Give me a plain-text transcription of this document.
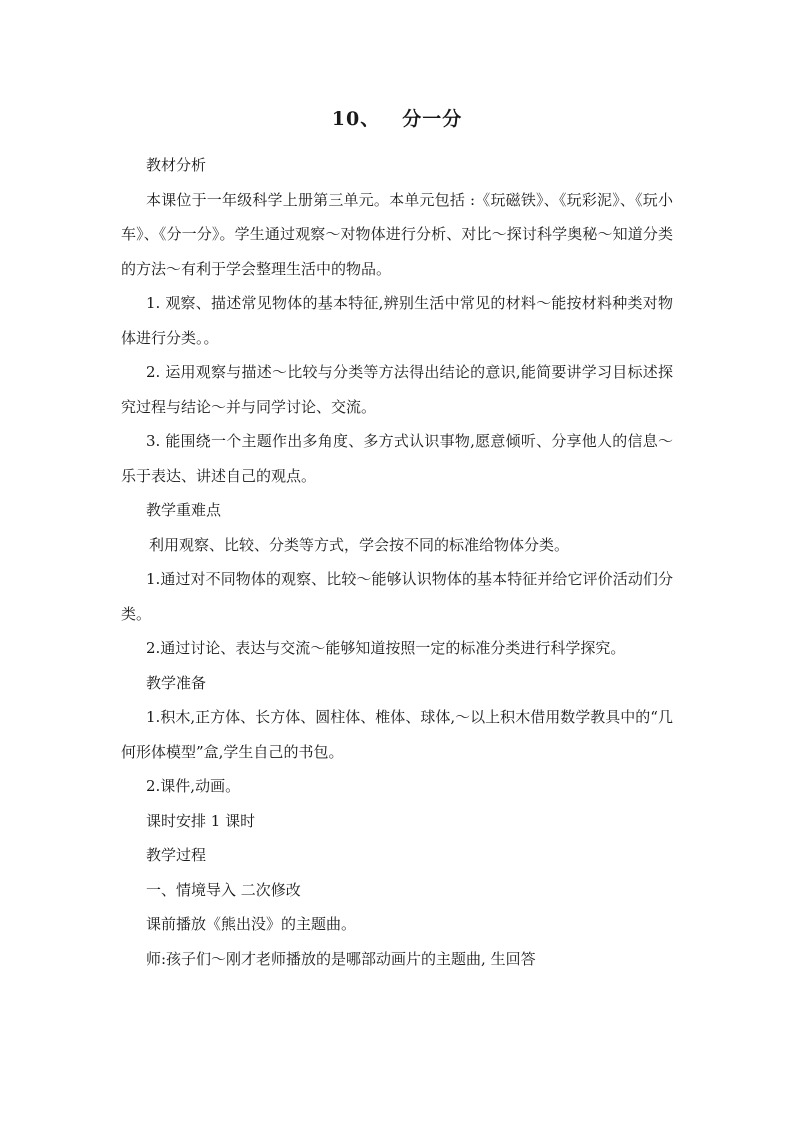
10、 分一分

教材分析

本课位于一年级科学上册第三单元。本单元包括 :《玩磁铁》、《玩彩泥》、《玩小车》、《分一分》。学生通过观察～对物体进行分析、对比～探讨科学奥秘～知道分类的方法～有利于学会整理生活中的物品。

1. 观察、描述常见物体的基本特征,辨别生活中常见的材料～能按材料种类对物体进行分类。。

2. 运用观察与描述～比较与分类等方法得出结论的意识,能简要讲学习目标述探究过程与结论～并与同学讨论、交流。

3. 能围绕一个主题作出多角度、多方式认识事物,愿意倾听、分享他人的信息～乐于表达、讲述自己的观点。

教学重难点

利用观察、比较、分类等方式，学会按不同的标准给物体分类。

1.通过对不同物体的观察、比较～能够认识物体的基本特征并给它评价活动们分类。

2.通过讨论、表达与交流～能够知道按照一定的标准分类进行科学探究。

教学准备

1.积木,正方体、长方体、圆柱体、椎体、球体,～以上积木借用数学教具中的“几何形体模型”盒,学生自己的书包。

2.课件,动画。

课时安排 1 课时

教学过程

一、情境导入 二次修改

课前播放《熊出没》的主题曲。

师:孩子们～刚才老师播放的是哪部动画片的主题曲, 生回答
